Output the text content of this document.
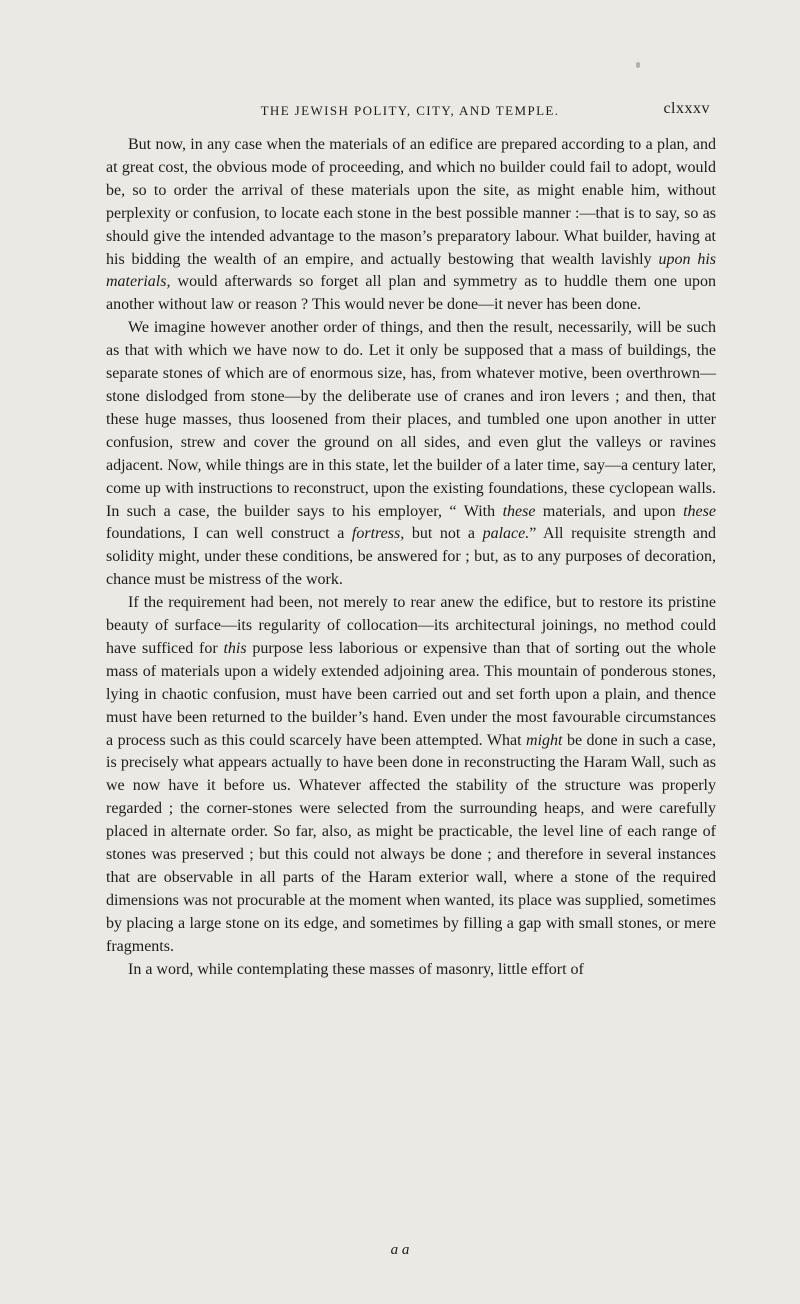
THE JEWISH POLITY, CITY, AND TEMPLE.	clxxxv

But now, in any case when the materials of an edifice are prepared according to a plan, and at great cost, the obvious mode of proceeding, and which no builder could fail to adopt, would be, so to order the arrival of these materials upon the site, as might enable him, without perplexity or confusion, to locate each stone in the best possible manner :—that is to say, so as should give the intended advantage to the mason’s preparatory labour. What builder, having at his bidding the wealth of an empire, and actually bestowing that wealth lavishly upon his materials, would afterwards so forget all plan and symmetry as to huddle them one upon another without law or reason ? This would never be done—it never has been done.

We imagine however another order of things, and then the result, necessarily, will be such as that with which we have now to do. Let it only be supposed that a mass of buildings, the separate stones of which are of enormous size, has, from whatever motive, been overthrown—stone dislodged from stone—by the deliberate use of cranes and iron levers ; and then, that these huge masses, thus loosened from their places, and tumbled one upon another in utter confusion, strew and cover the ground on all sides, and even glut the valleys or ravines adjacent. Now, while things are in this state, let the builder of a later time, say—a century later, come up with instructions to reconstruct, upon the existing foundations, these cyclopean walls. In such a case, the builder says to his employer, “ With these materials, and upon these foundations, I can well construct a fortress, but not a palace.” All requisite strength and solidity might, under these conditions, be answered for ; but, as to any purposes of decoration, chance must be mistress of the work.

If the requirement had been, not merely to rear anew the edifice, but to restore its pristine beauty of surface—its regularity of collocation—its architectural joinings, no method could have sufficed for this purpose less laborious or expensive than that of sorting out the whole mass of materials upon a widely extended adjoining area. This mountain of ponderous stones, lying in chaotic confusion, must have been carried out and set forth upon a plain, and thence must have been returned to the builder’s hand. Even under the most favourable circumstances a process such as this could scarcely have been attempted. What might be done in such a case, is precisely what appears actually to have been done in reconstructing the Haram Wall, such as we now have it before us. Whatever affected the stability of the structure was properly regarded ; the corner-stones were selected from the surrounding heaps, and were carefully placed in alternate order. So far, also, as might be practicable, the level line of each range of stones was preserved ; but this could not always be done ; and therefore in several instances that are observable in all parts of the Haram exterior wall, where a stone of the required dimensions was not procurable at the moment when wanted, its place was supplied, sometimes by placing a large stone on its edge, and sometimes by filling a gap with small stones, or mere fragments.

In a word, while contemplating these masses of masonry, little effort of

a a
